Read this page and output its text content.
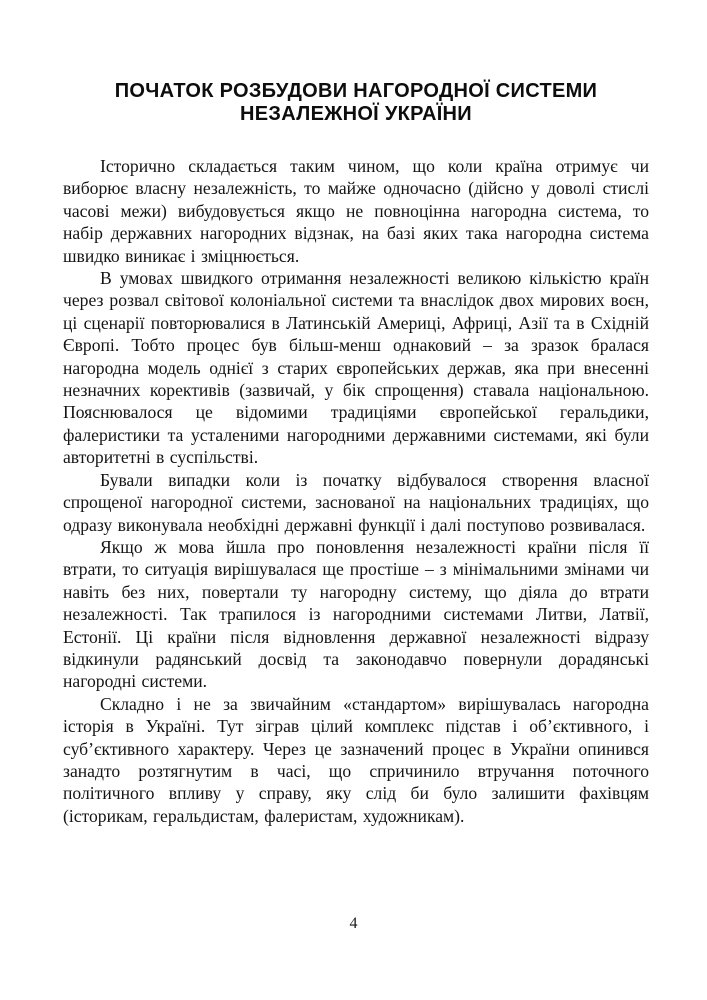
ПОЧАТОК РОЗБУДОВИ НАГОРОДНОЇ СИСТЕМИ
НЕЗАЛЕЖНОЇ УКРАЇНИ

Історично складається таким чином, що коли країна отримує чи виборює власну незалежність, то майже одночасно (дійсно у доволі стислі часові межи) вибудовується якщо не повноцінна нагородна система, то набір державних нагородних відзнак, на базі яких така нагородна система швидко виникає і зміцнюється.

В умовах швидкого отримання незалежності великою кількістю країн через розвал світової колоніальної системи та внаслідок двох мирових воєн, ці сценарії повторювалися в Латинській Америці, Африці, Азії та в Східній Європі. Тобто процес був більш-менш однаковий – за зразок бралася нагородна модель однієї з старих європейських держав, яка при внесенні незначних корективів (зазвичай, у бік спрощення) ставала національною. Пояснювалося це відомими традиціями європейської геральдики, фалеристики та усталеними нагородними державними системами, які були авторитетні в суспільстві.

Бували випадки коли із початку відбувалося створення власної спрощеної нагородної системи, заснованої на національних традиціях, що одразу виконувала необхідні державні функції і далі поступово розвивалася.

Якщо ж мова йшла про поновлення незалежності країни після її втрати, то ситуація вирішувалася ще простіше – з мінімальними змінами чи навіть без них, повертали ту нагородну систему, що діяла до втрати незалежності. Так трапилося із нагородними системами Литви, Латвії, Естонії. Ці країни після відновлення державної незалежності відразу відкинули радянський досвід та законодавчо повернули дорадянські нагородні системи.

Складно і не за звичайним «стандартом» вирішувалась нагородна історія в Україні. Тут зіграв цілий комплекс підстав і об’єктивного, і суб’єктивного характеру. Через це зазначений процес в України опинився занадто розтягнутим в часі, що спричинило втручання поточного політичного впливу у справу, яку слід би було залишити фахівцям (історикам, геральдистам, фалеристам, художникам).

4
